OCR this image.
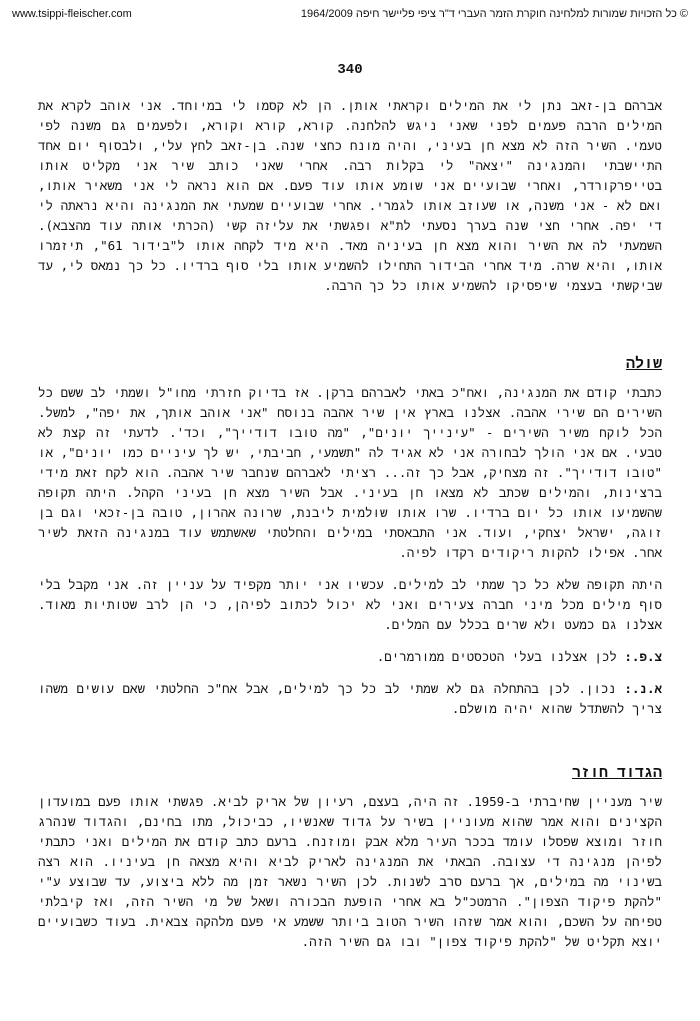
www.tsippi-fleischer.com	© כל הזכויות שמורות למלחינה חוקרת הזמר העברי ד"ר ציפי פליישר חיפה 1964/2009
340

אברהם בן-זאב נתן לי את המילים וקראתי אותן. הן לא קסמו לי במיוחד. אני אוהב לקרא את המילים הרבה פעמים לפני שאני ניגש להלחנה. קורא, קורא וקורא, ולפעמים גם משנה לפי טעמי. השיר הזה לא מצא חן בעיני, והיה מונח כחצי שנה. בן-זאב לחץ עלי, ולבסוף יום אחד התיישבתי והמנגינה "יצאה" לי בקלות רבה. אחרי שאני כותב שיר אני מקליט אותו בטייפרקורדר, ואחרי שבועיים אני שומע אותו עוד פעם. אם הוא נראה לי אני משאיר אותו, ואם לא - אני משנה, או שעוזב אותו לגמרי. אחרי שבועיים שמעתי את המנגינה והיא נראתה לי די יפה. אחרי חצי שנה בערך נסעתי לת"א ופגשתי את עליזה קשי (הכרתי אותה עוד מהצבא). השמעתי לה את השיר והוא מצא חן בעיניה מאד. היא מיד לקחה אותו ל"בידור 61", תיזמרו אותו, והיא שרה. מיד אחרי הבידור התחילו להשמיע אותו בלי סוף ברדיו. כל כך נמאס לי, עד שביקשתי בעצמי שיפסיקו להשמיע אותו כל כך הרבה.

שולה

כתבתי קודם את המנגינה, ואח"כ באתי לאברהם ברקן. אז בדיוק חזרתי מחו"ל ושמתי לב ששם כל השירים הם שירי אהבה. אצלנו בארץ אין שיר אהבה בנוסח "אני אוהב אותך, את יפה", למשל. הכל לוקח משיר השירים - "עינייך יונים", "מה טובו דודייך", וכד'. לדעתי זה קצת לא טבעי. אם אני הולך לבחורה אני לא אגיד לה "תשמעי, חביבתי, יש לך עיניים כמו יונים", או "טובו דודייך". זה מצחיק, אבל כך זה... רציתי לאברהם שנחבר שיר אהבה. הוא לקח זאת מידי ברצינות, והמילים שכתב לא מצאו חן בעיני. אבל השיר מצא חן בעיני הקהל. היתה תקופה שהשמיעו אותו כל יום ברדיו. שרו אותו שולמית ליבנת, שרונה אהרון, טובה בן-זכאי וגם בן זוגה, ישראל יצחקי, ועוד. אני התבאסתי במילים והחלטתי שאשתמש עוד במנגינה הזאת לשיר אחר. אפילו להקות ריקודים רקדו לפיה.

היתה תקופה שלא כל כך שמתי לב למילים. עכשיו אני יותר מקפיד על עניין זה. אני מקבל בלי סוף מילים מכל מיני חברה צעירים ואני לא יכול לכתוב לפיהן, כי הן לרב שטותיות מאוד. אצלנו גם כמעט ולא שרים בכלל עם המלים.

צ.פ.: לכן אצלנו בעלי הטכסטים ממורמרים.

א.נ.: נכון. לכן בהתחלה גם לא שמתי לב כל כך למילים, אבל אח"כ החלטתי שאם עושים משהו צריך להשתדל שהוא יהיה מושלם.

הגדוד חוזר

שיר מעניין שחיברתי ב-1959. זה היה, בעצם, רעיון של אריק לביא. פגשתי אותו פעם במועדון הקצינים והוא אמר שהוא מעוניין בשיר על גדוד שאנשיו, כביכול, מתו בחינם, והגדוד שנהרג חוזר ומוצא שפסלו עומד בככר העיר מלא אבק ומוזנח. ברעם כתב קודם את המילים ואני כתבתי לפיהן מנגינה די עצובה. הבאתי את המנגינה לאריק לביא והיא מצאה חן בעיניו. הוא רצה בשינוי מה במילים, אך ברעם סרב לשנות. לכן השיר נשאר זמן מה ללא ביצוע, עד שבוצע ע"י "להקת פיקוד הצפון". הרמטכ"ל בא אחרי הופעת הבכורה ושאל של מי השיר הזה, ואז קיבלתי טפיחה על השכם, והוא אמר שזהו השיר הטוב ביותר ששמע אי פעם מלהקה צבאית. בעוד כשבועיים יוצא תקליט של "להקת פיקוד צפון" ובו גם השיר הזה.
